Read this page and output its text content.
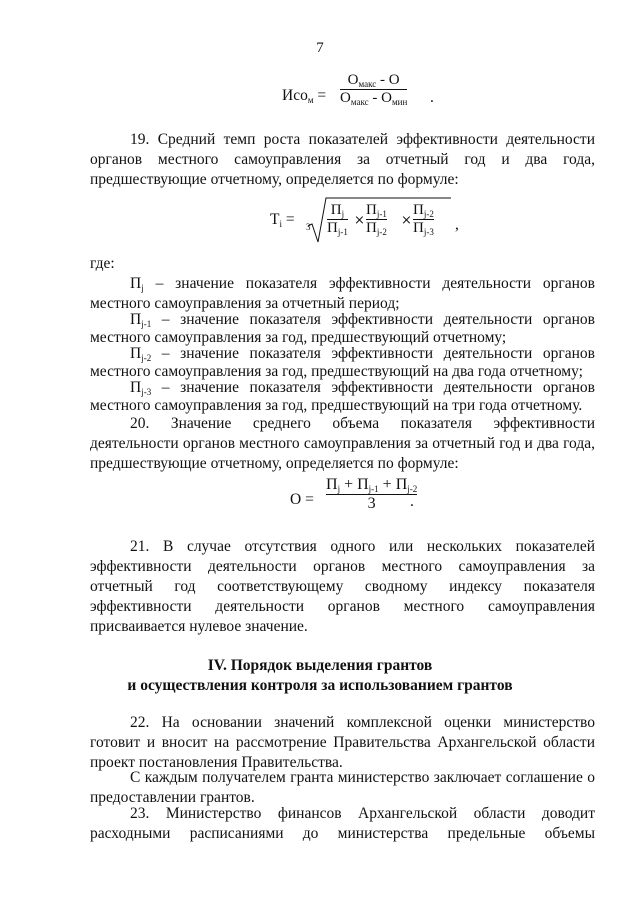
7
Исо$_м$ =
$О_{макс}$ - О
$О_{макс} - О_{мин}$ .
19. Средний темп роста показателей эффективности деятельности органов местного самоуправления за отчетный год и два года, предшествующие отчетному, определяется по формуле:
$Т_i = 3$
$П_j$
$П_{j-1}$
×
$П_{j-1}$
$П_{j-2}$
×
$П_{j-2}$
$П_{j-3}$ ,
где:
$П_j$ – значение показателя эффективности деятельности органов
местного самоуправления за отчетный период;
$П_{j-1}$ – значение показателя эффективности деятельности органов
местного самоуправления за год, предшествующий отчетному;
$П_{j-2}$ – значение показателя эффективности деятельности органов
местного самоуправления за год, предшествующий на два года отчетному;
$П_{j-3}$ – значение показателя эффективности деятельности органов
местного самоуправления за год, предшествующий на три года отчетному.
20. Значение среднего объема показателя эффективности деятельности органов местного самоуправления за отчетный год и два года, предшествующие отчетному, определяется по формуле:
О =
$П_j + П_{j-1} + П_{j-2}$
3 .
21. В случае отсутствия одного или нескольких показателей эффективности деятельности органов местного самоуправления за отчетный год соответствующему сводному индексу показателя эффективности деятельности органов местного самоуправления присваивается нулевое значение.
IV. Порядок выделения грантов
и осуществления контроля за использованием грантов
22. На основании значений комплексной оценки министерство готовит и вносит на рассмотрение Правительства Архангельской области проект постановления Правительства.
С каждым получателем гранта министерство заключает соглашение о предоставлении грантов.
23. Министерство финансов Архангельской области доводит расходными расписаниями до министерства предельные объемы
